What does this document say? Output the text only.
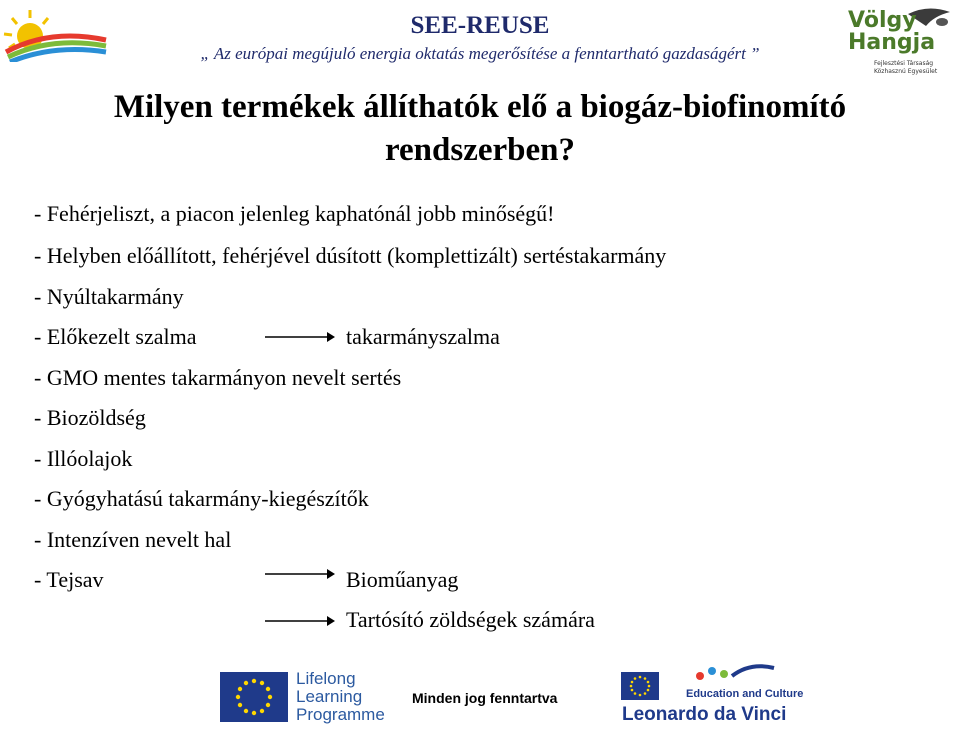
SEE-REUSE
„ Az európai megújuló energia oktatás megerősítése a fenntartható gazdaságért ”
Völgy Hangja
Fejlesztési Társaság
Közhasznú Egyesület
Milyen termékek állíthatók elő a biogáz-biofinomító rendszerben?
- Fehérjeliszt, a piacon jelenleg kaphatónál jobb minőségű!
- Helyben előállított, fehérjével dúsított (komplettizált) sertéstakarmány
- Nyúltakarmány
- Előkezelt szalma
- GMO mentes takarmányon nevelt sertés
- Biozöldség
- Illóolajok
- Gyógyhatású takarmány-kiegészítők
- Intenzíven nevelt hal
- Tejsav
takarmányszalma
Bioműanyag
Tartósító zöldségek számára
Lifelong
Learning
Programme
Minden jog fenntartva	Education and Culture
Leonardo da Vinci
